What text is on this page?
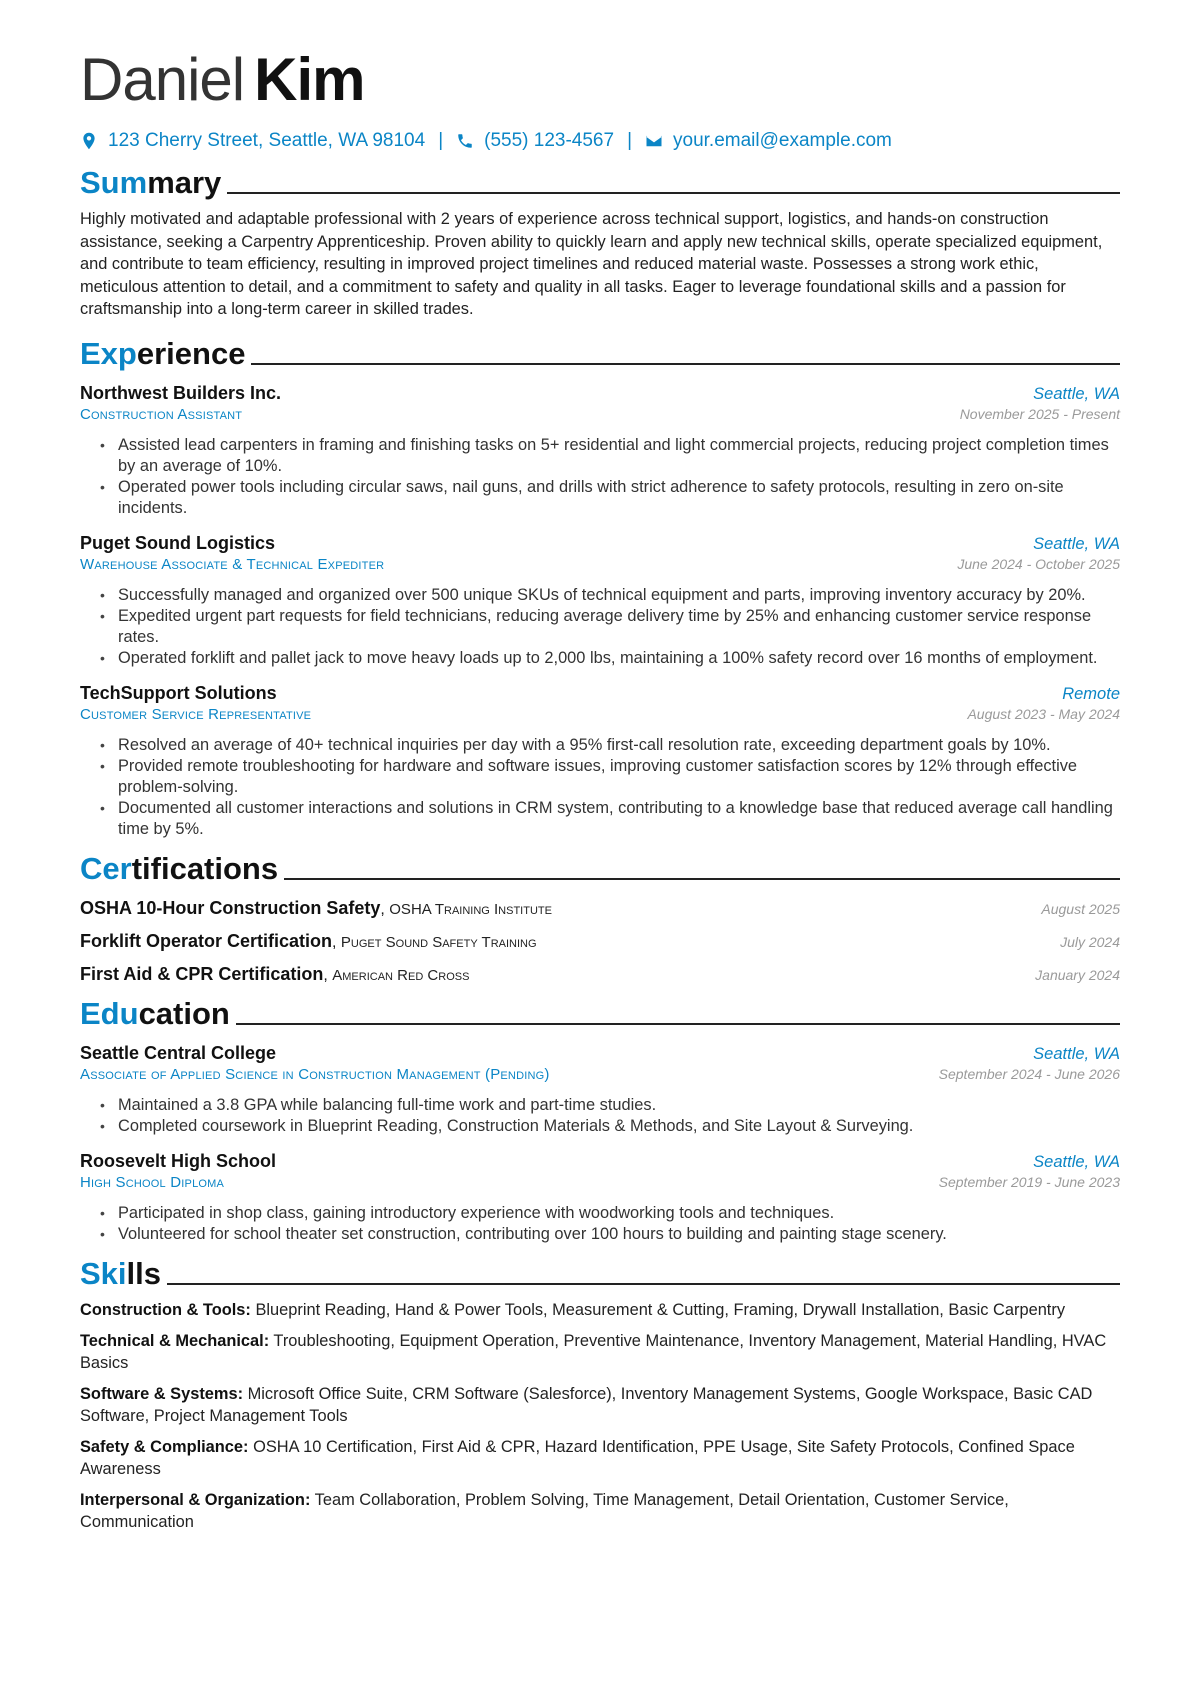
Daniel Kim
123 Cherry Street, Seattle, WA 98104 | (555) 123-4567 | your.email@example.com
Summary

Highly motivated and adaptable professional with 2 years of experience across technical support, logistics, and hands-on construction assistance, seeking a Carpentry Apprenticeship. Proven ability to quickly learn and apply new technical skills, operate specialized equipment, and contribute to team efficiency, resulting in improved project timelines and reduced material waste. Possesses a strong work ethic, meticulous attention to detail, and a commitment to safety and quality in all tasks. Eager to leverage foundational skills and a passion for craftsmanship into a long-term career in skilled trades.

Experience
Northwest Builders Inc.	Seattle, WA
Construction Assistant	November 2025 - Present
• Assisted lead carpenters in framing and finishing tasks on 5+ residential and light commercial projects, reducing project completion times by an average of 10%.
• Operated power tools including circular saws, nail guns, and drills with strict adherence to safety protocols, resulting in zero on-site incidents.
Puget Sound Logistics	Seattle, WA
Warehouse Associate & Technical Expediter	June 2024 - October 2025
• Successfully managed and organized over 500 unique SKUs of technical equipment and parts, improving inventory accuracy by 20%.
• Expedited urgent part requests for field technicians, reducing average delivery time by 25% and enhancing customer service response rates.
• Operated forklift and pallet jack to move heavy loads up to 2,000 lbs, maintaining a 100% safety record over 16 months of employment.
TechSupport Solutions	Remote
Customer Service Representative	August 2023 - May 2024
• Resolved an average of 40+ technical inquiries per day with a 95% first-call resolution rate, exceeding department goals by 10%.
• Provided remote troubleshooting for hardware and software issues, improving customer satisfaction scores by 12% through effective problem-solving.
• Documented all customer interactions and solutions in CRM system, contributing to a knowledge base that reduced average call handling time by 5%.
Certifications
OSHA 10-Hour Construction Safety, OSHA Training Institute	August 2025
Forklift Operator Certification, Puget Sound Safety Training	July 2024
First Aid & CPR Certification, American Red Cross	January 2024
Education
Seattle Central College	Seattle, WA
Associate of Applied Science in Construction Management (Pending)	September 2024 - June 2026
• Maintained a 3.8 GPA while balancing full-time work and part-time studies.
• Completed coursework in Blueprint Reading, Construction Materials & Methods, and Site Layout & Surveying.
Roosevelt High School	Seattle, WA
High School Diploma	September 2019 - June 2023
• Participated in shop class, gaining introductory experience with woodworking tools and techniques.
• Volunteered for school theater set construction, contributing over 100 hours to building and painting stage scenery.
Skills
Construction & Tools: Blueprint Reading, Hand & Power Tools, Measurement & Cutting, Framing, Drywall Installation, Basic Carpentry
Technical & Mechanical: Troubleshooting, Equipment Operation, Preventive Maintenance, Inventory Management, Material Handling, HVAC Basics
Software & Systems: Microsoft Office Suite, CRM Software (Salesforce), Inventory Management Systems, Google Workspace, Basic CAD Software, Project Management Tools
Safety & Compliance: OSHA 10 Certification, First Aid & CPR, Hazard Identification, PPE Usage, Site Safety Protocols, Confined Space Awareness
Interpersonal & Organization: Team Collaboration, Problem Solving, Time Management, Detail Orientation, Customer Service, Communication
